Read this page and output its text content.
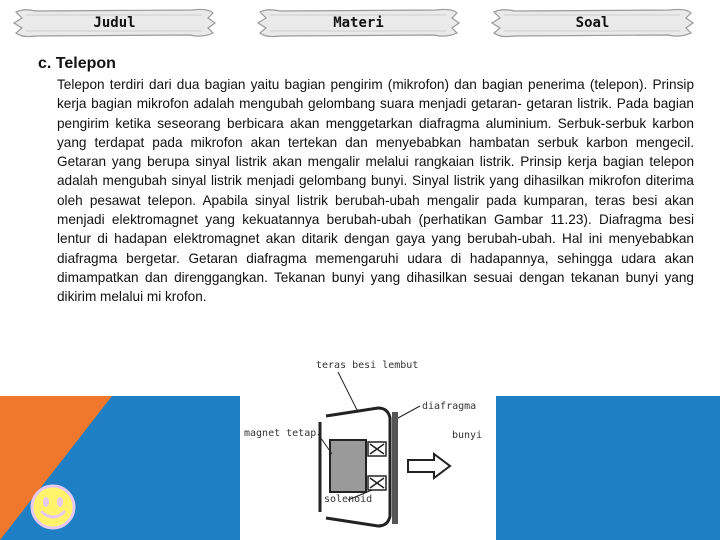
Judul	Materi	Soal
c. Telepon

Telepon terdiri dari dua bagian yaitu bagian pengirim (mikrofon) dan bagian penerima (telepon). Prinsip kerja bagian mikrofon adalah mengubah gelombang suara menjadi getaran- getaran listrik. Pada bagian pengirim ketika seseorang berbicara akan menggetarkan diafragma aluminium. Serbuk-serbuk karbon yang terdapat pada mikrofon akan tertekan dan menyebabkan hambatan serbuk karbon mengecil. Getaran yang berupa sinyal listrik akan mengalir melalui rangkaian listrik. Prinsip kerja bagian telepon adalah mengubah sinyal listrik menjadi gelombang bunyi. Sinyal listrik yang dihasilkan mikrofon diterima oleh pesawat telepon. Apabila sinyal listrik berubah-ubah mengalir pada kumparan, teras besi akan menjadi elektromagnet yang kekuatannya berubah-ubah (perhatikan Gambar 11.23). Diafragma besi lentur di hadapan elektromagnet akan ditarik dengan gaya yang berubah-ubah. Hal ini menyebabkan diafragma bergetar. Getaran diafragma memengaruhi udara di hadapannya, sehingga udara akan dimampatkan dan direnggangkan. Tekanan bunyi yang dihasilkan sesuai dengan tekanan bunyi yang dikirim melalui mi krofon.

teras besi lembut
diafragma
magnet tetap	bunyi
solenoid
